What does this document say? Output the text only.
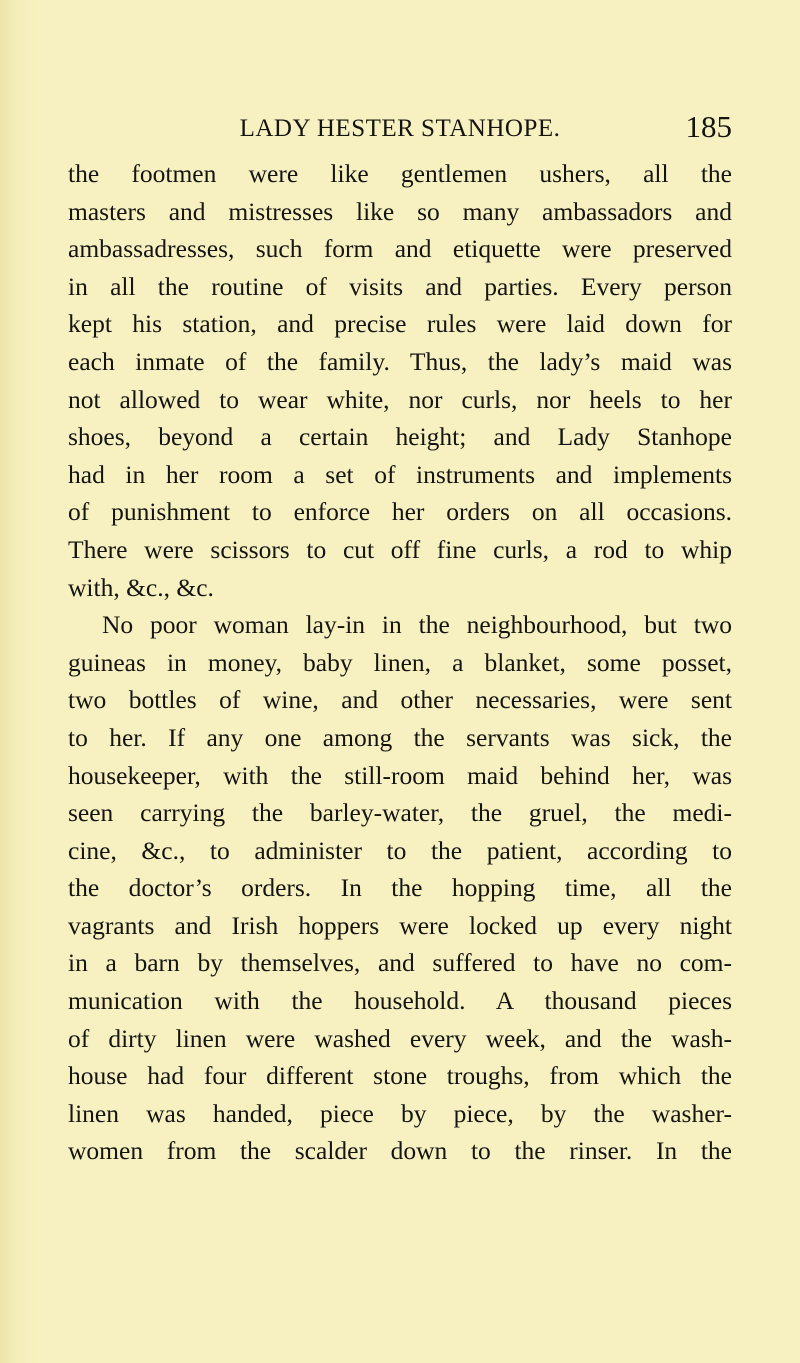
LADY HESTER STANHOPE.	185
the footmen were like gentlemen ushers, all the
masters and mistresses like so many ambassadors and
ambassadresses, such form and etiquette were preserved
in all the routine of visits and parties. Every person
kept his station, and precise rules were laid down for
each inmate of the family. Thus, the lady’s maid was
not allowed to wear white, nor curls, nor heels to her
shoes, beyond a certain height; and Lady Stanhope
had in her room a set of instruments and implements
of punishment to enforce her orders on all occasions.
There were scissors to cut off fine curls, a rod to whip
with, &c., &c.
No poor woman lay-in in the neighbourhood, but two
guineas in money, baby linen, a blanket, some posset,
two bottles of wine, and other necessaries, were sent
to her. If any one among the servants was sick, the
housekeeper, with the still-room maid behind her, was
seen carrying the barley-water, the gruel, the medi-
cine, &c., to administer to the patient, according to
the doctor’s orders. In the hopping time, all the
vagrants and Irish hoppers were locked up every night
in a barn by themselves, and suffered to have no com-
munication with the household. A thousand pieces
of dirty linen were washed every week, and the wash-
house had four different stone troughs, from which the
linen was handed, piece by piece, by the washer-
women from the scalder down to the rinser. In the
